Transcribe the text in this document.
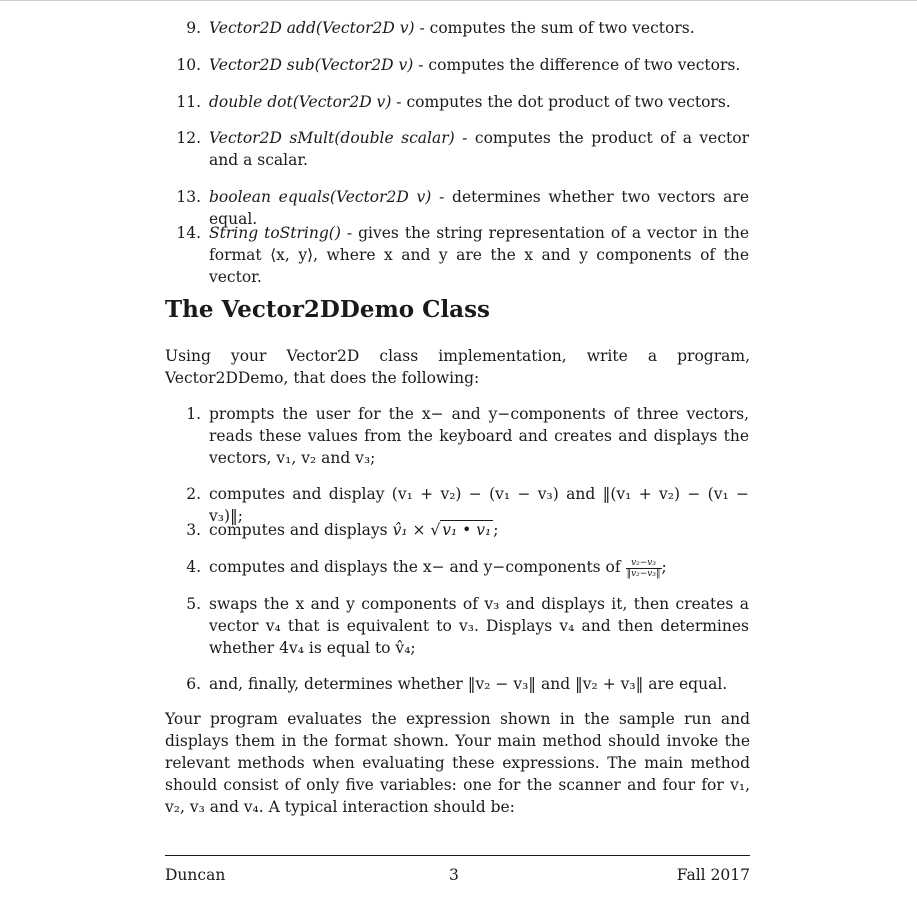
9. Vector2D add(Vector2D v) - computes the sum of two vectors.
10. Vector2D sub(Vector2D v) - computes the difference of two vectors.
11. double dot(Vector2D v) - computes the dot product of two vectors.
12. Vector2D sMult(double scalar) - computes the product of a vector and a scalar.
13. boolean equals(Vector2D v) - determines whether two vectors are equal.
14. String toString() - gives the string representation of a vector in the format ⟨x, y⟩, where x and y are the x and y components of the vector.
The Vector2DDemo Class
Using your Vector2D class implementation, write a program, Vector2DDemo, that does the following:
1. prompts the user for the x− and y−components of three vectors, reads these values from the keyboard and creates and displays the vectors, v₁, v₂ and v₃;
2. computes and display (v₁ + v₂) − (v₁ − v₃) and ‖(v₁ + v₂) − (v₁ − v₃)‖;
3. computes and displays v̂₁ × √ v₁ • v₁ ;
4. computes and displays the x− and y−components of $\frac{\text{v₂−v₃}}{\text{‖v₂−v₃‖}}$ ;
5. swaps the x and y components of v₃ and displays it, then creates a vector v₄ that is equivalent to v₃. Displays v₄ and then determines whether 4v₄ is equal to v̂₄;
6. and, finally, determines whether ‖v₂ − v₃‖ and ‖v₂ + v₃‖ are equal.
Your program evaluates the expression shown in the sample run and displays them in the format shown. Your main method should invoke the relevant methods when evaluating these expressions. The main method should consist of only five variables: one for the scanner and four for v₁, v₂, v₃ and v₄. A typical interaction should be:
Duncan	3	Fall 2017
